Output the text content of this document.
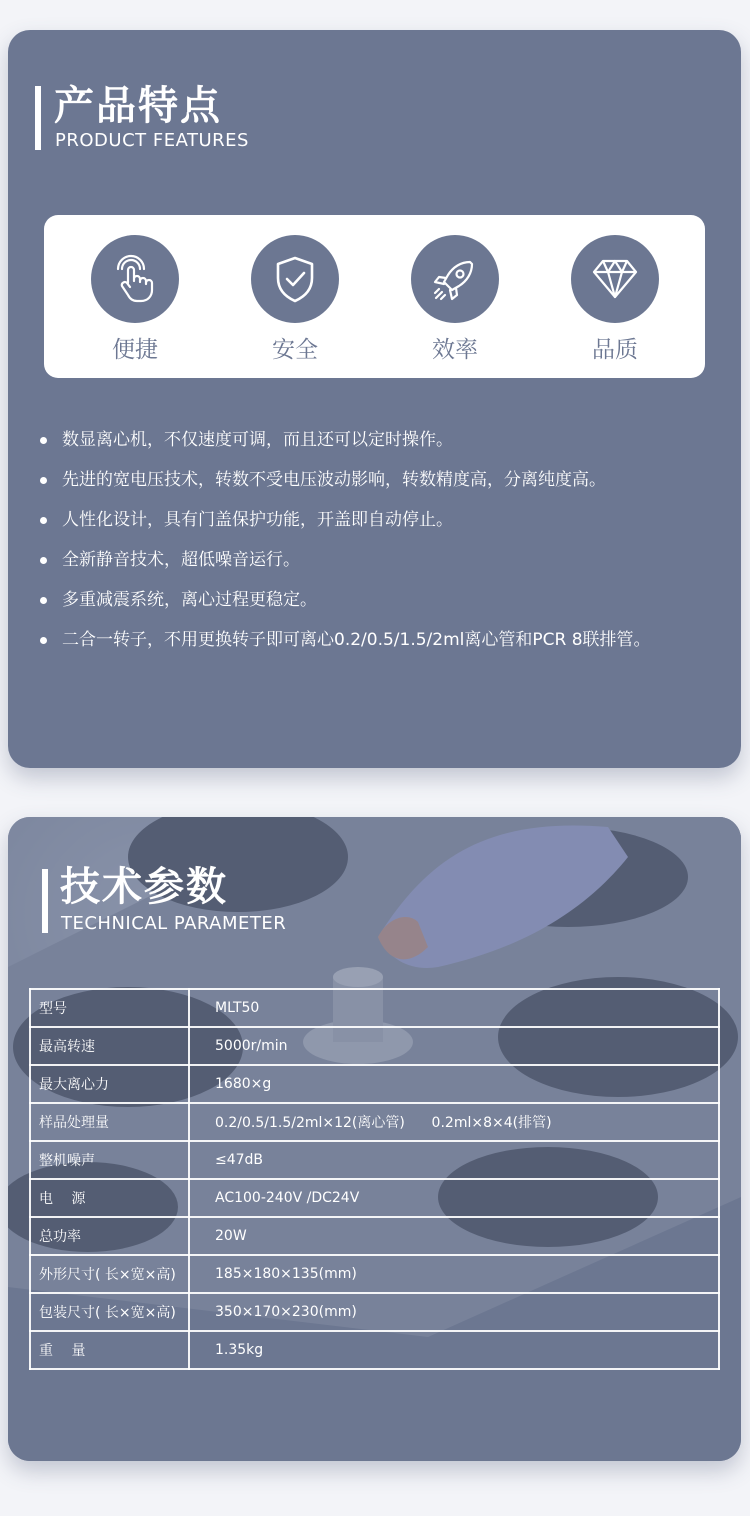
产品特点
PRODUCT FEATURES
便捷	安全	效率	品质
数显离心机，不仅速度可调，而且还可以定时操作。
先进的宽电压技术，转数不受电压波动影响，转数精度高，分离纯度高。
人性化设计，具有门盖保护功能，开盖即自动停止。
全新静音技术，超低噪音运行。
多重减震系统，离心过程更稳定。
二合一转子，不用更换转子即可离心0.2/0.5/1.5/2ml离心管和PCR 8联排管。
技术参数
TECHNICAL PARAMETER
型号	MLT50
最高转速	5000r/min
最大离心力	1680×g
样品处理量	0.2/0.5/1.5/2ml×12(离心管)      0.2ml×8×4(排管)
整机噪声	≤47dB
电　 源	AC100-240V /DC24V
总功率	20W
外形尺寸( 长×宽×高)	185×180×135(mm)
包装尺寸( 长×宽×高)	350×170×230(mm)
重　 量	1.35kg
